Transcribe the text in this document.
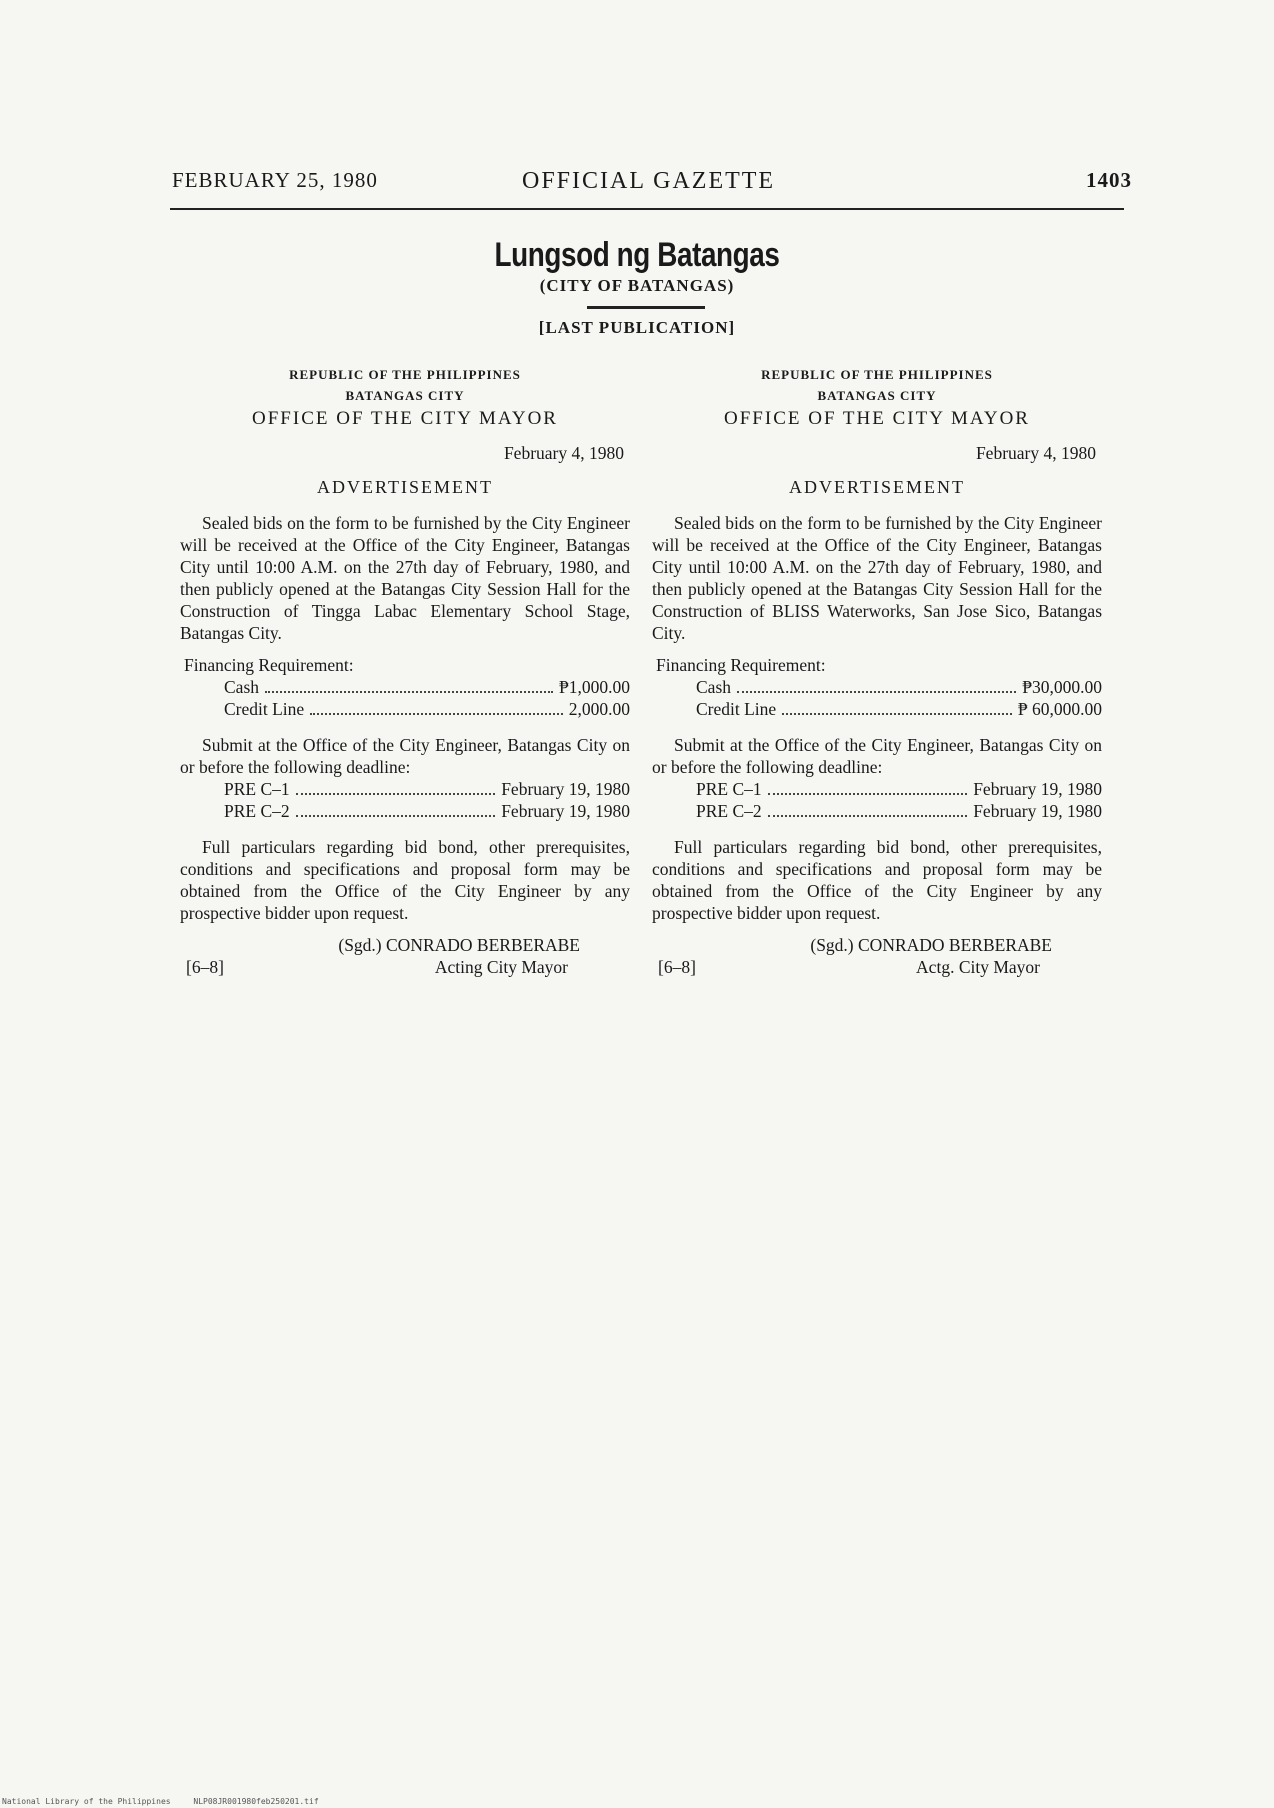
FEBRUARY 25, 1980	OFFICIAL GAZETTE	1403
Lungsod ng Batangas
(CITY OF BATANGAS)
[LAST PUBLICATION]
REPUBLIC OF THE PHILIPPINES
BATANGAS CITY
OFFICE OF THE CITY MAYOR
February 4, 1980
ADVERTISEMENT
Sealed bids on the form to be furnished by the City Engineer will be received at the Office of the City Engineer, Batangas City until 10:00 A.M. on the 27th day of February, 1980, and then publicly opened at the Batangas City Session Hall for the Construction of Tingga Labac Elementary School Stage, Batangas City.
Financing Requirement:
Cash	₱1,000.00
Credit Line	2,000.00
Submit at the Office of the City Engineer, Batangas City on or before the following deadline:
PRE C–1	February 19, 1980
PRE C–2	February 19, 1980
Full particulars regarding bid bond, other prerequisites, conditions and specifications and proposal form may be obtained from the Office of the City Engineer by any prospective bidder upon request.
(Sgd.) CONRADO BERBERABE
[6–8]	Acting City Mayor
REPUBLIC OF THE PHILIPPINES
BATANGAS CITY
OFFICE OF THE CITY MAYOR
February 4, 1980
ADVERTISEMENT
Sealed bids on the form to be furnished by the City Engineer will be received at the Office of the City Engineer, Batangas City until 10:00 A.M. on the 27th day of February, 1980, and then publicly opened at the Batangas City Session Hall for the Construction of BLISS Waterworks, San Jose Sico, Batangas City.
Financing Requirement:
Cash	₱30,000.00
Credit Line	₱ 60,000.00
Submit at the Office of the City Engineer, Batangas City on or before the following deadline:
PRE C–1	February 19, 1980
PRE C–2	February 19, 1980
Full particulars regarding bid bond, other prerequisites, conditions and specifications and proposal form may be obtained from the Office of the City Engineer by any prospective bidder upon request.
(Sgd.) CONRADO BERBERABE
[6–8]	Actg. City Mayor
National Library of the Philippines	NLP08JR001980feb250201.tif
